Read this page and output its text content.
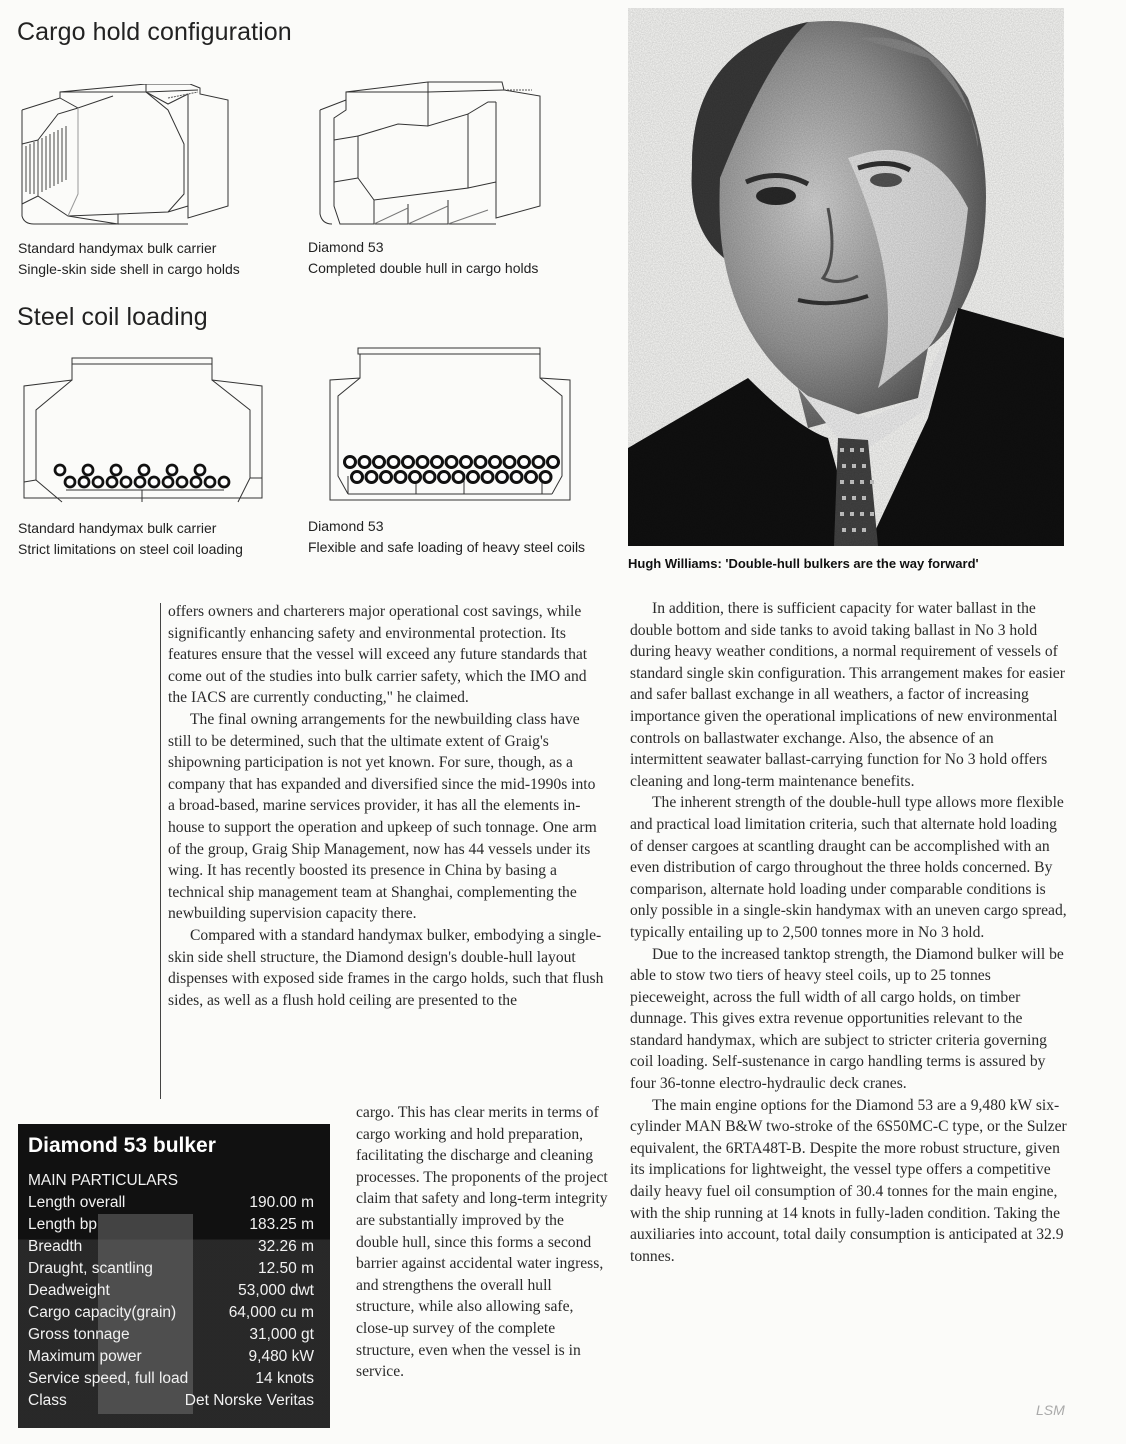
Cargo hold configuration
Standard handymax bulk carrier
Single-skin side shell in cargo holds
Diamond 53
Completed double hull in cargo holds
Steel coil loading
Standard handymax bulk carrier
Strict limitations on steel coil loading
Diamond 53
Flexible and safe loading of heavy steel coils
Hugh Williams: 'Double-hull bulkers are the way forward'

offers owners and charterers major operational cost savings, while significantly enhancing safety and environmental protection. Its features ensure that the vessel will exceed any future standards that come out of the studies into bulk carrier safety, which the IMO and the IACS are currently conducting," he claimed.

The final owning arrangements for the newbuilding class have still to be determined, such that the ultimate extent of Graig's shipowning participation is not yet known. For sure, though, as a company that has expanded and diversified since the mid-1990s into a broad-based, marine services provider, it has all the elements in-house to support the operation and upkeep of such tonnage. One arm of the group, Graig Ship Management, now has 44 vessels under its wing. It has recently boosted its presence in China by basing a technical ship management team at Shanghai, complementing the newbuilding supervision capacity there.

Compared with a standard handymax bulker, embodying a single-skin side shell structure, the Diamond design's double-hull layout dispenses with exposed side frames in the cargo holds, such that flush sides, as well as a flush hold ceiling are presented to the

cargo. This has clear merits in terms of cargo working and hold preparation, facilitating the discharge and cleaning processes. The proponents of the project claim that safety and long-term integrity are substantially improved by the double hull, since this forms a second barrier against accidental water ingress, and strengthens the overall hull structure, while also allowing safe, close-up survey of the complete structure, even when the vessel is in service.

Diamond 53 bulker
MAIN PARTICULARS
Length overall	190.00 m
Length bp	183.25 m
Breadth	32.26 m
Draught, scantling	12.50 m
Deadweight	53,000 dwt
Cargo capacity(grain)	64,000 cu m
Gross tonnage	31,000 gt
Maximum power	9,480 kW
Service speed, full load	14 knots
Class	Det Norske Veritas

In addition, there is sufficient capacity for water ballast in the double bottom and side tanks to avoid taking ballast in No 3 hold during heavy weather conditions, a normal requirement of vessels of standard single skin configuration. This arrangement makes for easier and safer ballast exchange in all weathers, a factor of increasing importance given the operational implications of new environmental controls on ballastwater exchange. Also, the absence of an intermittent seawater ballast-carrying function for No 3 hold offers cleaning and long-term maintenance benefits.

The inherent strength of the double-hull type allows more flexible and practical load limitation criteria, such that alternate hold loading of denser cargoes at scantling draught can be accomplished with an even distribution of cargo throughout the three holds concerned. By comparison, alternate hold loading under comparable conditions is only possible in a single-skin handymax with an uneven cargo spread, typically entailing up to 2,500 tonnes more in No 3 hold.

Due to the increased tanktop strength, the Diamond bulker will be able to stow two tiers of heavy steel coils, up to 25 tonnes pieceweight, across the full width of all cargo holds, on timber dunnage. This gives extra revenue opportunities relevant to the standard handymax, which are subject to stricter criteria governing coil loading. Self-sustenance in cargo handling terms is assured by four 36-tonne electro-hydraulic deck cranes.

The main engine options for the Diamond 53 are a 9,480 kW six-cylinder MAN B&W two-stroke of the 6S50MC-C type, or the Sulzer equivalent, the 6RTA48T-B. Despite the more robust structure, given its implications for lightweight, the vessel type offers a competitive daily heavy fuel oil consumption of 30.4 tonnes for the main engine, with the ship running at 14 knots in fully-laden condition. Taking the auxiliaries into account, total daily consumption is anticipated at 32.9 tonnes.

LSM
